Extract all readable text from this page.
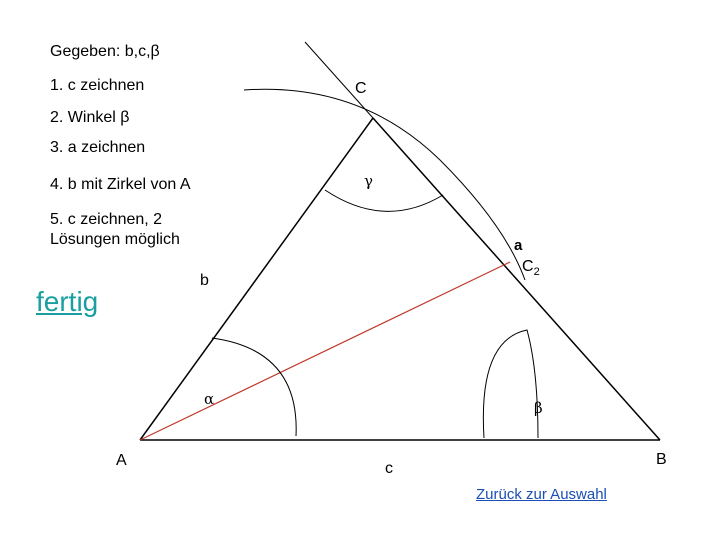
Gegeben: b,c,β
1. c zeichnen
2. Winkel β
3. a zeichnen
4. b mit Zirkel von A
5. c zeichnen, 2
Lösungen möglich
fertig
C
γ
a
$C_2$
b
α	β
A	c
B
Zurück zur Auswahl
